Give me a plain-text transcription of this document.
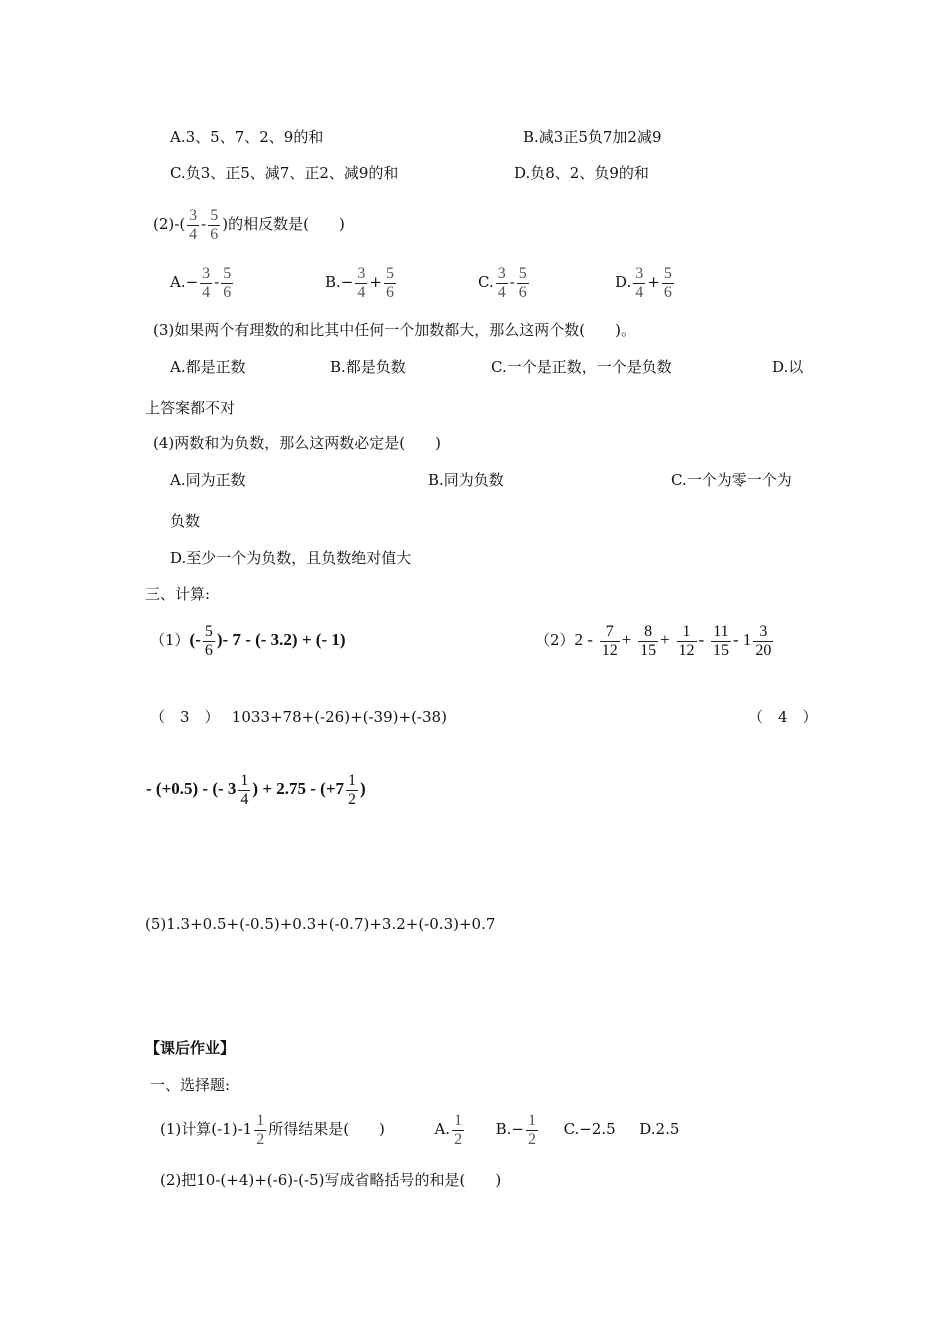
A.3、5、7、2、9的和	B.减3正5负7加2减9
C.负3、正5、减7、正2、减9的和	D.负8、2、负9的和
$(2)-( \frac{3}{4} - \frac{5}{6}$ )的相反数是(　　)
$A.- \frac{3}{4} - \frac{5}{6}$	$B.- \frac{3}{4} + \frac{5}{6}$	C. $\frac{3}{4} - \frac{5}{6}$	D. $\frac{3}{4} + \frac{5}{6}$
(3)如果两个有理数的和比其中任何一个加数都大，那么这两个数(　　)。
A.都是正数	B.都是负数	C.一个是正数，一个是负数	D.以
上答案都不对
(4)两数和为负数，那么这两数必定是(　　)
A.同为正数	B.同为负数	C.一个为零一个为
负数
D.至少一个为负数，且负数绝对值大
三、计算:
$(1)(- \frac{5}{6}$ )- 7 - (- 3.2) + (- 1)	$(2)2 - \frac{7}{12} + \frac{8}{15} + \frac{1}{12} - \frac{11}{15} - 1 \frac{3}{20}$
（　3　）　 1033+78+(-26)+(-39)+(-38)	（　4　）
- (+0.5) - (- $3 \frac{1}{4}$ ) + $2.75 - (+7 \frac{1}{2}$ )
(5)1.3+0.5+(-0.5)+0.3+(-0.7)+3.2+(-0.3)+0.7
【课后作业】
一、选择题:
(1)计算$(-1)-1 \frac{1}{2}$ 所得结果是(　　)	A. $\frac{1}{2} B.- \frac{1}{2} C.-2.5$ D.2.5
(2)把10-(+4)+(-6)-(-5)写成省略括号的和是(　　)
